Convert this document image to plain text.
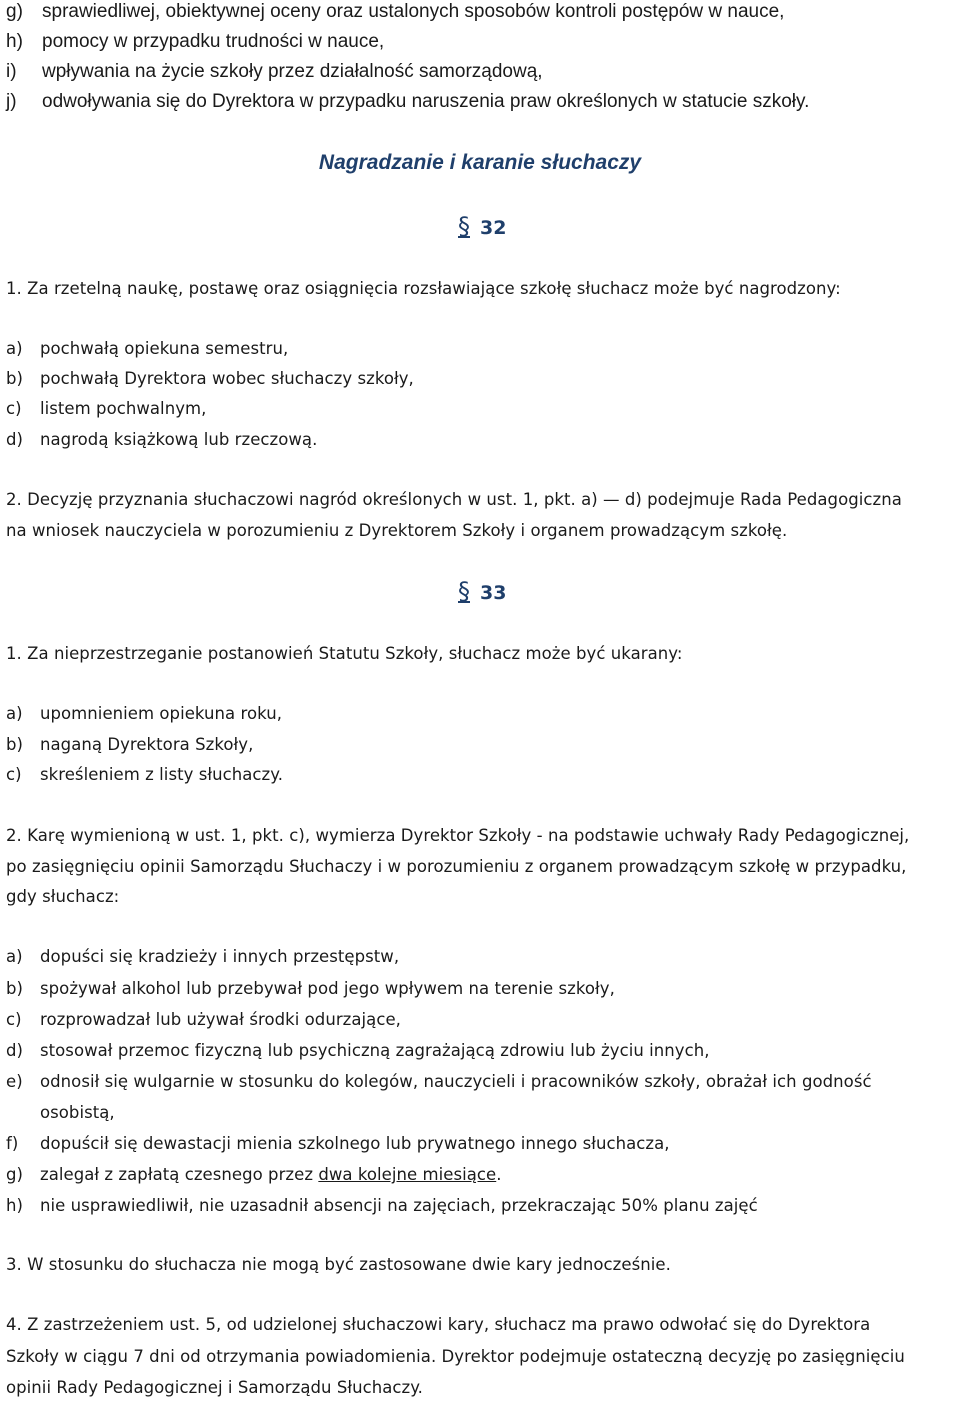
g) sprawiedliwej, obiektywnej oceny oraz ustalonych sposobów kontroli postępów w nauce,
h) pomocy w przypadku trudności w nauce,
i) wpływania na życie szkoły przez działalność samorządową,
j) odwoływania się do Dyrektora w przypadku naruszenia praw określonych w statucie szkoły.
Nagradzanie i karanie słuchaczy
§ 32
1. Za rzetelną naukę, postawę oraz osiągnięcia rozsławiające szkołę słuchacz może być nagrodzony:
a) pochwałą opiekuna semestru,
b) pochwałą Dyrektora wobec słuchaczy szkoły,
c) listem pochwalnym,
d) nagrodą książkową lub rzeczową.
2. Decyzję przyznania słuchaczowi nagród określonych w ust. 1, pkt. a) — d) podejmuje Rada Pedagogiczna
na wniosek nauczyciela w porozumieniu z Dyrektorem Szkoły i organem prowadzącym szkołę.
§ 33
1. Za nieprzestrzeganie postanowień Statutu Szkoły, słuchacz może być ukarany:
a) upomnieniem opiekuna roku,
b) naganą Dyrektora Szkoły,
c) skreśleniem z listy słuchaczy.
2. Karę wymienioną w ust. 1, pkt. c), wymierza Dyrektor Szkoły - na podstawie uchwały Rady Pedagogicznej,
po zasięgnięciu opinii Samorządu Słuchaczy i w porozumieniu z organem prowadzącym szkołę w przypadku,
gdy słuchacz:
a) dopuści się kradzieży i innych przestępstw,
b) spożywał alkohol lub przebywał pod jego wpływem na terenie szkoły,
c) rozprowadzał lub używał środki odurzające,
d) stosował przemoc fizyczną lub psychiczną zagrażającą zdrowiu lub życiu innych,
e) odnosił się wulgarnie w stosunku do kolegów, nauczycieli i pracowników szkoły, obrażał ich godność
osobistą,
f) dopuścił się dewastacji mienia szkolnego lub prywatnego innego słuchacza,
g) zalegał z zapłatą czesnego przez dwa kolejne miesiące.
h) nie usprawiedliwił, nie uzasadnił absencji na zajęciach, przekraczając 50% planu zajęć
3. W stosunku do słuchacza nie mogą być zastosowane dwie kary jednocześnie.
4. Z zastrzeżeniem ust. 5, od udzielonej słuchaczowi kary, słuchacz ma prawo odwołać się do Dyrektora
Szkoły w ciągu 7 dni od otrzymania powiadomienia. Dyrektor podejmuje ostateczną decyzję po zasięgnięciu
opinii Rady Pedagogicznej i Samorządu Słuchaczy.
